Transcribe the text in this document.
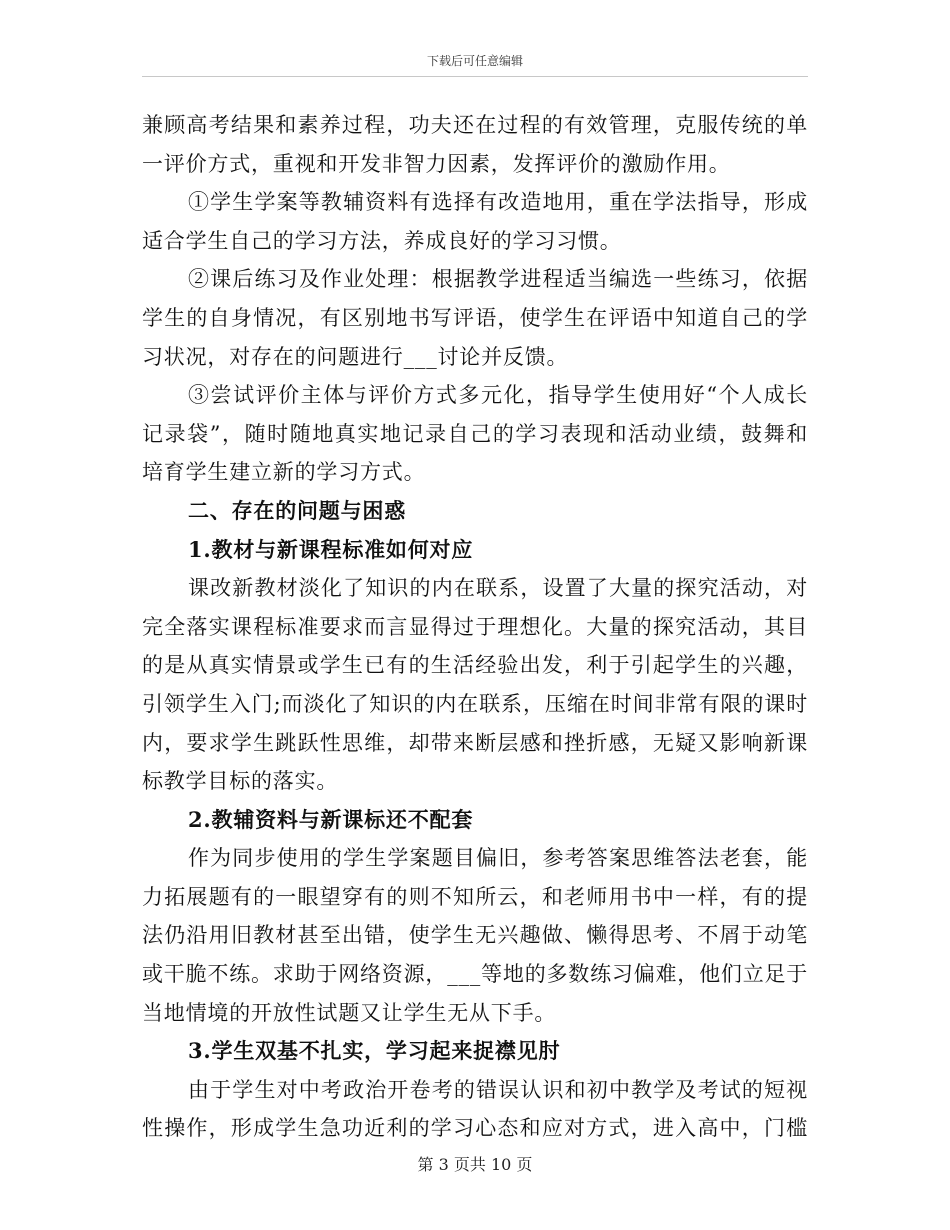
下载后可任意编辑
兼顾高考结果和素养过程，功夫还在过程的有效管理，克服传统的单
一评价方式，重视和开发非智力因素，发挥评价的激励作用。
①学生学案等教辅资料有选择有改造地用，重在学法指导，形成
适合学生自己的学习方法，养成良好的学习习惯。
②课后练习及作业处理：根据教学进程适当编选一些练习，依据
学生的自身情况，有区别地书写评语，使学生在评语中知道自己的学
习状况，对存在的问题进行___讨论并反馈。
③尝试评价主体与评价方式多元化，指导学生使用好“个人成长
记录袋”，随时随地真实地记录自己的学习表现和活动业绩，鼓舞和
培育学生建立新的学习方式。
二、存在的问题与困惑
1.教材与新课程标准如何对应
课改新教材淡化了知识的内在联系，设置了大量的探究活动，对
完全落实课程标准要求而言显得过于理想化。大量的探究活动，其目
的是从真实情景或学生已有的生活经验出发，利于引起学生的兴趣，
引领学生入门;而淡化了知识的内在联系，压缩在时间非常有限的课时
内，要求学生跳跃性思维，却带来断层感和挫折感，无疑又影响新课
标教学目标的落实。
2.教辅资料与新课标还不配套
作为同步使用的学生学案题目偏旧，参考答案思维答法老套，能
力拓展题有的一眼望穿有的则不知所云，和老师用书中一样，有的提
法仍沿用旧教材甚至出错，使学生无兴趣做、懒得思考、不屑于动笔
或干脆不练。求助于网络资源，___等地的多数练习偏难，他们立足于
当地情境的开放性试题又让学生无从下手。
3.学生双基不扎实，学习起来捉襟见肘
由于学生对中考政治开卷考的错误认识和初中教学及考试的短视
性操作，形成学生急功近利的学习心态和应对方式，进入高中，门槛
第 3 页共 10 页
